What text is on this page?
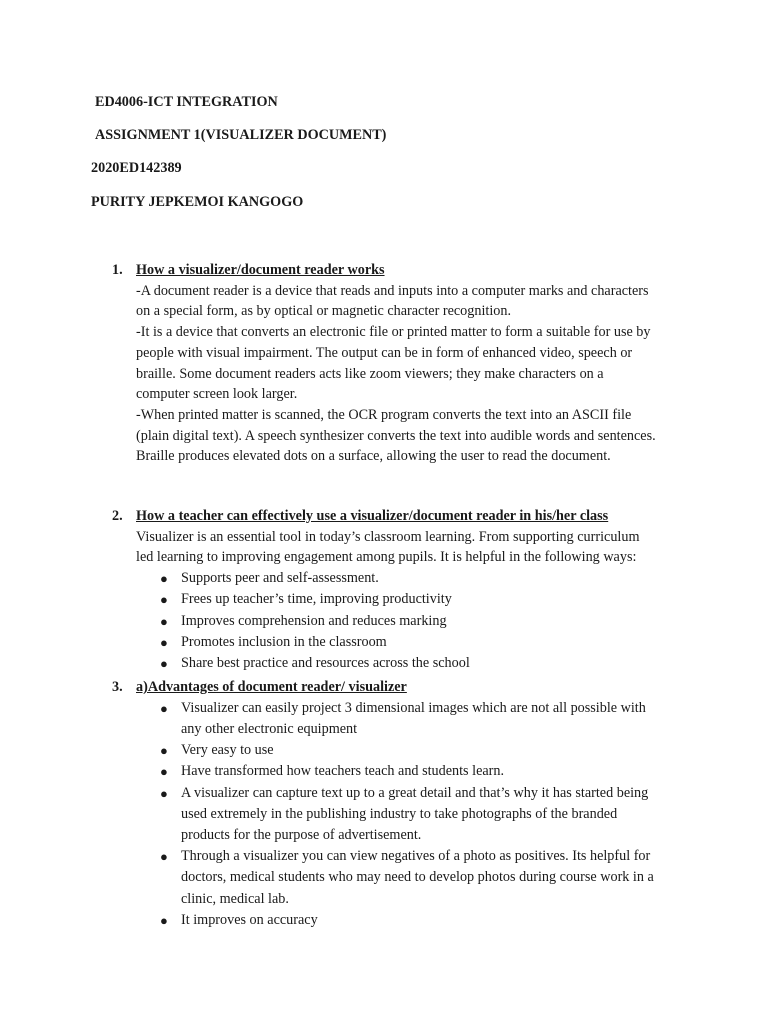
ED4006-ICT INTEGRATION
ASSIGNMENT 1(VISUALIZER DOCUMENT)
2020ED142389
PURITY JEPKEMOI KANGOGO
1. How a visualizer/document reader works

-A document reader is a device that reads and inputs into a computer marks and characters on a special form, as by optical or magnetic character recognition.

-It is a device that converts an electronic file or printed matter to form a suitable for use by people with visual impairment. The output can be in form of enhanced video, speech or braille. Some document readers acts like zoom viewers; they make characters on a computer screen look larger.

-When printed matter is scanned, the OCR program converts the text into an ASCII file (plain digital text). A speech synthesizer converts the text into audible words and sentences. Braille produces elevated dots on a surface, allowing the user to read the document.

2. How a teacher can effectively use a visualizer/document reader in his/her class

Visualizer is an essential tool in today’s classroom learning. From supporting curriculum led learning to improving engagement among pupils. It is helpful in the following ways:

● Supports peer and self-assessment.
● Frees up teacher’s time, improving productivity
● Improves comprehension and reduces marking
● Promotes inclusion in the classroom
● Share best practice and resources across the school
3. a)Advantages of document reader/ visualizer
● Visualizer can easily project 3 dimensional images which are not all possible with any other electronic equipment
● Very easy to use
● Have transformed how teachers teach and students learn.
● A visualizer can capture text up to a great detail and that’s why it has started being used extremely in the publishing industry to take photographs of the branded products for the purpose of advertisement.
● Through a visualizer you can view negatives of a photo as positives. Its helpful for doctors, medical students who may need to develop photos during course work in a clinic, medical lab.
● It improves on accuracy
